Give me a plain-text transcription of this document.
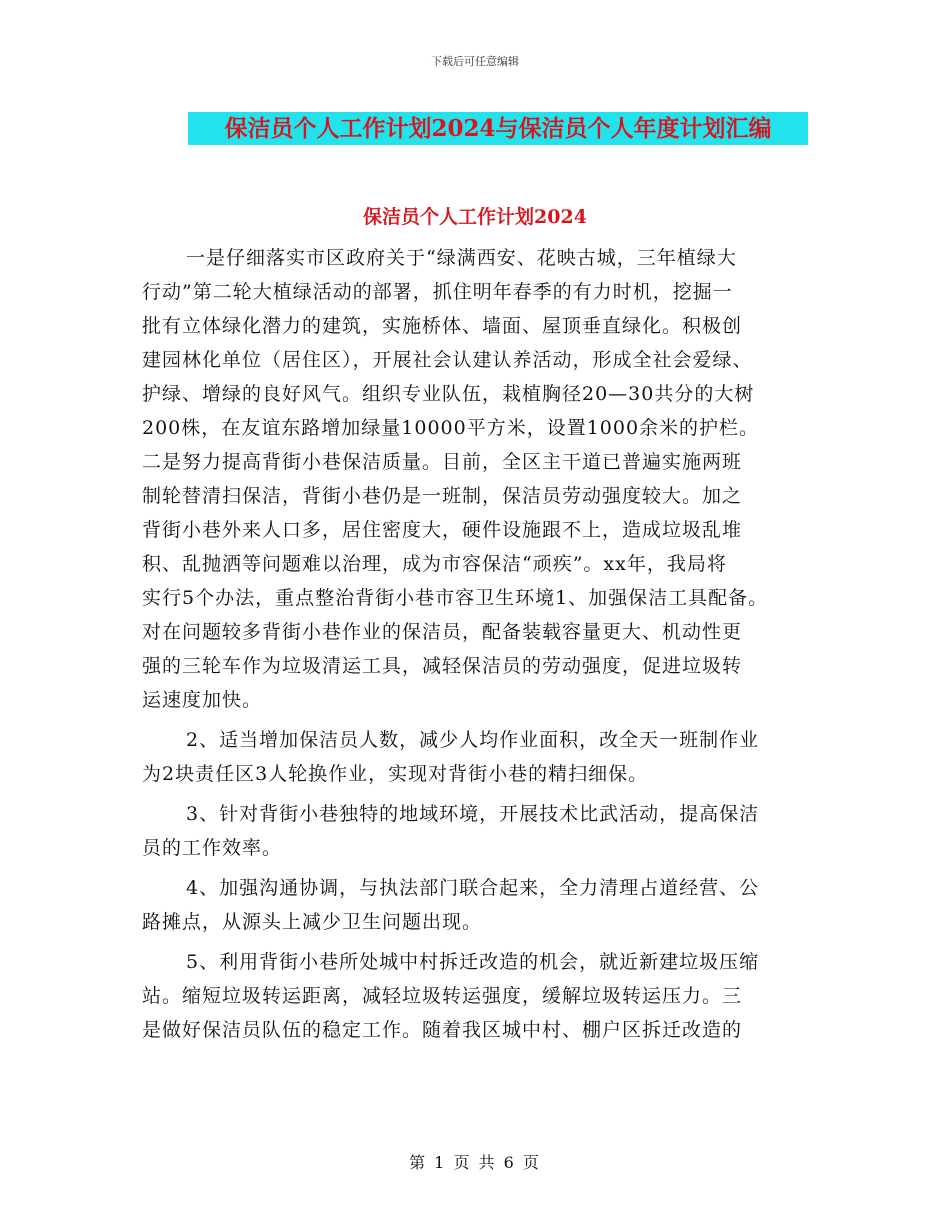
下载后可任意编辑
保洁员个人工作计划2024与保洁员个人年度计划汇编
保洁员个人工作计划2024
一是仔细落实市区政府关于“绿满西安、花映古城，三年植绿大
行动”第二轮大植绿活动的部署，抓住明年春季的有力时机，挖掘一
批有立体绿化潜力的建筑，实施桥体、墙面、屋顶垂直绿化。积极创
建园林化单位（居住区），开展社会认建认养活动，形成全社会爱绿、
护绿、增绿的良好风气。组织专业队伍，栽植胸径20—30共分的大树
200株，在友谊东路增加绿量10000平方米，设置1000余米的护栏。
二是努力提高背街小巷保洁质量。目前，全区主干道已普遍实施两班
制轮替清扫保洁，背街小巷仍是一班制，保洁员劳动强度较大。加之
背街小巷外来人口多，居住密度大，硬件设施跟不上，造成垃圾乱堆
积、乱抛洒等问题难以治理，成为市容保洁“顽疾”。xx年，我局将
实行5个办法，重点整治背街小巷市容卫生环境1、加强保洁工具配备。
对在问题较多背街小巷作业的保洁员，配备装载容量更大、机动性更
强的三轮车作为垃圾清运工具，减轻保洁员的劳动强度，促进垃圾转
运速度加快。
2、适当增加保洁员人数，减少人均作业面积，改全天一班制作业
为2块责任区3人轮换作业，实现对背街小巷的精扫细保。
3、针对背街小巷独特的地域环境，开展技术比武活动，提高保洁
员的工作效率。
4、加强沟通协调，与执法部门联合起来，全力清理占道经营、公
路摊点，从源头上减少卫生问题出现。
5、利用背街小巷所处城中村拆迁改造的机会，就近新建垃圾压缩
站。缩短垃圾转运距离，减轻垃圾转运强度，缓解垃圾转运压力。三
是做好保洁员队伍的稳定工作。随着我区城中村、棚户区拆迁改造的
第 1 页 共 6 页
